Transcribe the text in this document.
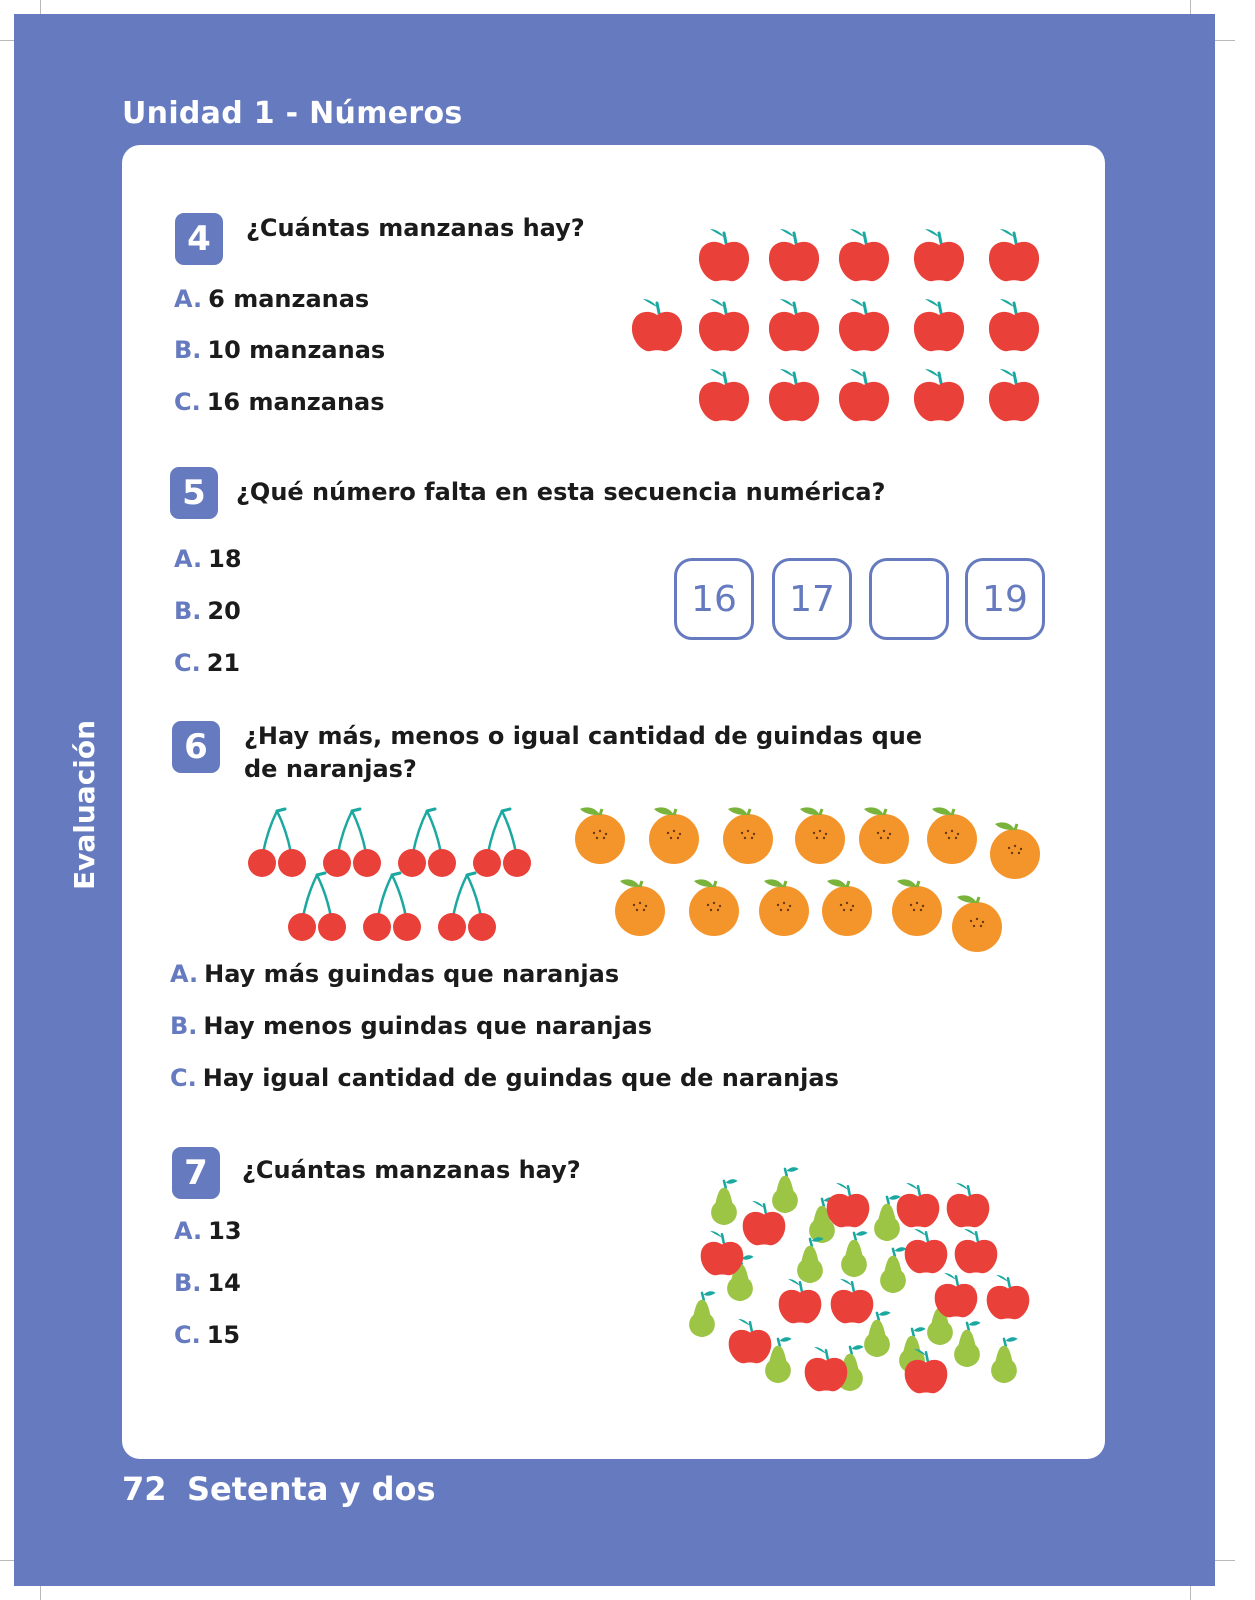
Unidad 1 - Números
Evaluación
4	¿Cuántas manzanas hay?
A. 6 manzanas
B. 10 manzanas
C. 16 manzanas
5	¿Qué número falta en esta secuencia numérica?
A. 18
B. 20
C. 21
16	17	19
6	¿Hay más, menos o igual cantidad de guindas que
de naranjas?
A. Hay más guindas que naranjas
B. Hay menos guindas que naranjas
C. Hay igual cantidad de guindas que de naranjas
7	¿Cuántas manzanas hay?
A. 13
B. 14
C. 15
72 Setenta y dos
